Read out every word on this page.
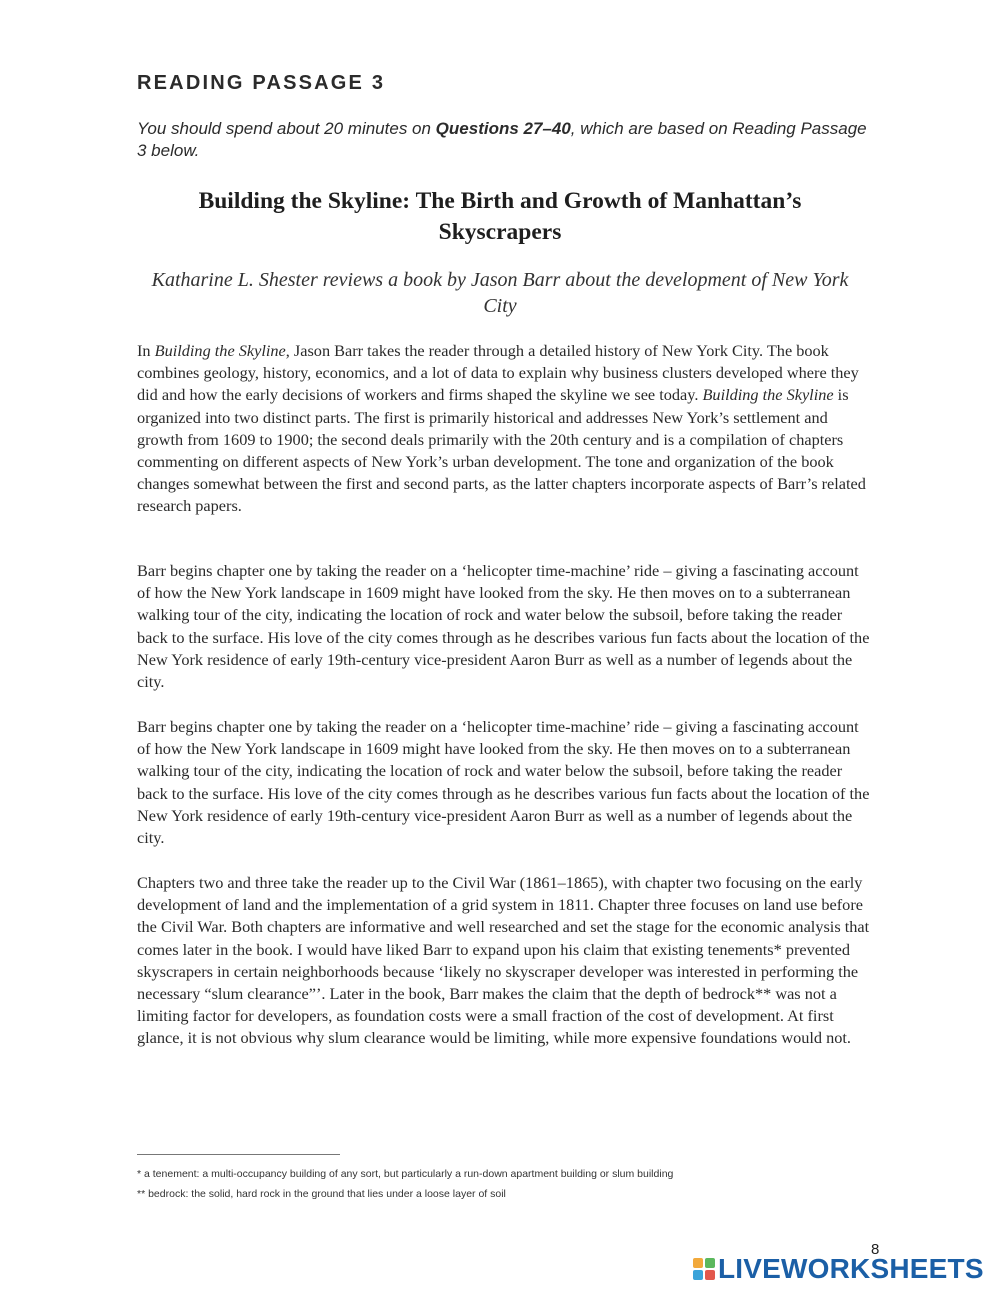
READING PASSAGE 3
You should spend about 20 minutes on Questions 27–40, which are based on Reading Passage 3 below.
Building the Skyline: The Birth and Growth of Manhattan’s Skyscrapers
Katharine L. Shester reviews a book by Jason Barr about the development of New York City

In Building the Skyline, Jason Barr takes the reader through a detailed history of New York City. The book combines geology, history, economics, and a lot of data to explain why business clusters developed where they did and how the early decisions of workers and firms shaped the skyline we see today. Building the Skyline is organized into two distinct parts. The first is primarily historical and addresses New York’s settlement and growth from 1609 to 1900; the second deals primarily with the 20th century and is a compilation of chapters commenting on different aspects of New York’s urban development. The tone and organization of the book changes somewhat between the first and second parts, as the latter chapters incorporate aspects of Barr’s related research papers.

Barr begins chapter one by taking the reader on a ‘helicopter time-machine’ ride – giving a fascinating account of how the New York landscape in 1609 might have looked from the sky. He then moves on to a subterranean walking tour of the city, indicating the location of rock and water below the subsoil, before taking the reader back to the surface. His love of the city comes through as he describes various fun facts about the location of the New York residence of early 19th-century vice-president Aaron Burr as well as a number of legends about the city.

Barr begins chapter one by taking the reader on a ‘helicopter time-machine’ ride – giving a fascinating account of how the New York landscape in 1609 might have looked from the sky. He then moves on to a subterranean walking tour of the city, indicating the location of rock and water below the subsoil, before taking the reader back to the surface. His love of the city comes through as he describes various fun facts about the location of the New York residence of early 19th-century vice-president Aaron Burr as well as a number of legends about the city.

Chapters two and three take the reader up to the Civil War (1861–1865), with chapter two focusing on the early development of land and the implementation of a grid system in 1811. Chapter three focuses on land use before the Civil War. Both chapters are informative and well researched and set the stage for the economic analysis that comes later in the book. I would have liked Barr to expand upon his claim that existing tenements* prevented skyscrapers in certain neighborhoods because ‘likely no skyscraper developer was interested in performing the necessary “slum clearance”’. Later in the book, Barr makes the claim that the depth of bedrock** was not a limiting factor for developers, as foundation costs were a small fraction of the cost of development. At first glance, it is not obvious why slum clearance would be limiting, while more expensive foundations would not.

* a tenement: a multi-occupancy building of any sort, but particularly a run-down apartment building or slum building
** bedrock: the solid, hard rock in the ground that lies under a loose layer of soil
8
LIVEWORKSHEETS
